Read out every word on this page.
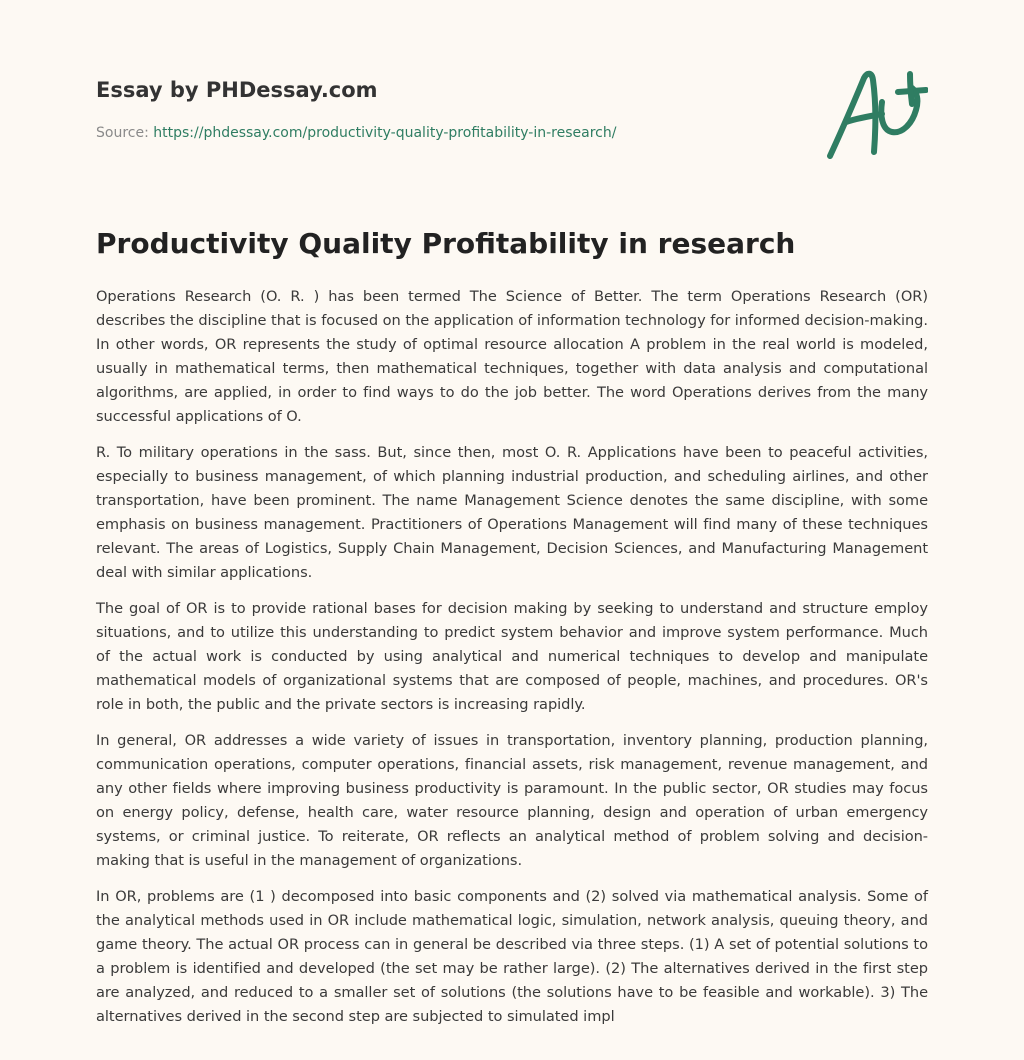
Essay by PHDessay.com
Source: https://phdessay.com/productivity-quality-profitability-in-research/
Productivity Quality Profitability in research

Operations Research (O. R. ) has been termed The Science of Better. The term Operations Research (OR) describes the discipline that is focused on the application of information technology for informed decision-making. In other words, OR represents the study of optimal resource allocation A problem in the real world is modeled, usually in mathematical terms, then mathematical techniques, together with data analysis and computational algorithms, are applied, in order to find ways to do the job better. The word Operations derives from the many successful applications of O.

R. To military operations in the sass. But, since then, most O. R. Applications have been to peaceful activities, especially to business management, of which planning industrial production, and scheduling airlines, and other transportation, have been prominent. The name Management Science denotes the same discipline, with some emphasis on business management. Practitioners of Operations Management will find many of these techniques relevant. The areas of Logistics, Supply Chain Management, Decision Sciences, and Manufacturing Management deal with similar applications.

The goal of OR is to provide rational bases for decision making by seeking to understand and structure employ situations, and to utilize this understanding to predict system behavior and improve system performance. Much of the actual work is conducted by using analytical and numerical techniques to develop and manipulate mathematical models of organizational systems that are composed of people, machines, and procedures. OR's role in both, the public and the private sectors is increasing rapidly.

In general, OR addresses a wide variety of issues in transportation, inventory planning, production planning, communication operations, computer operations, financial assets, risk management, revenue management, and any other fields where improving business productivity is paramount. In the public sector, OR studies may focus on energy policy, defense, health care, water resource planning, design and operation of urban emergency systems, or criminal justice. To reiterate, OR reflects an analytical method of problem solving and decision-making that is useful in the management of organizations.

In OR, problems are (1 ) decomposed into basic components and (2) solved via mathematical analysis. Some of the analytical methods used in OR include mathematical logic, simulation, network analysis, queuing theory, and game theory. The actual OR process can in general be described via three steps. (1) A set of potential solutions to a problem is identified and developed (the set may be rather large). (2) The alternatives derived in the first step are analyzed, and reduced to a smaller set of solutions (the solutions have to be feasible and workable). 3) The alternatives derived in the second step are subjected to simulated impl
